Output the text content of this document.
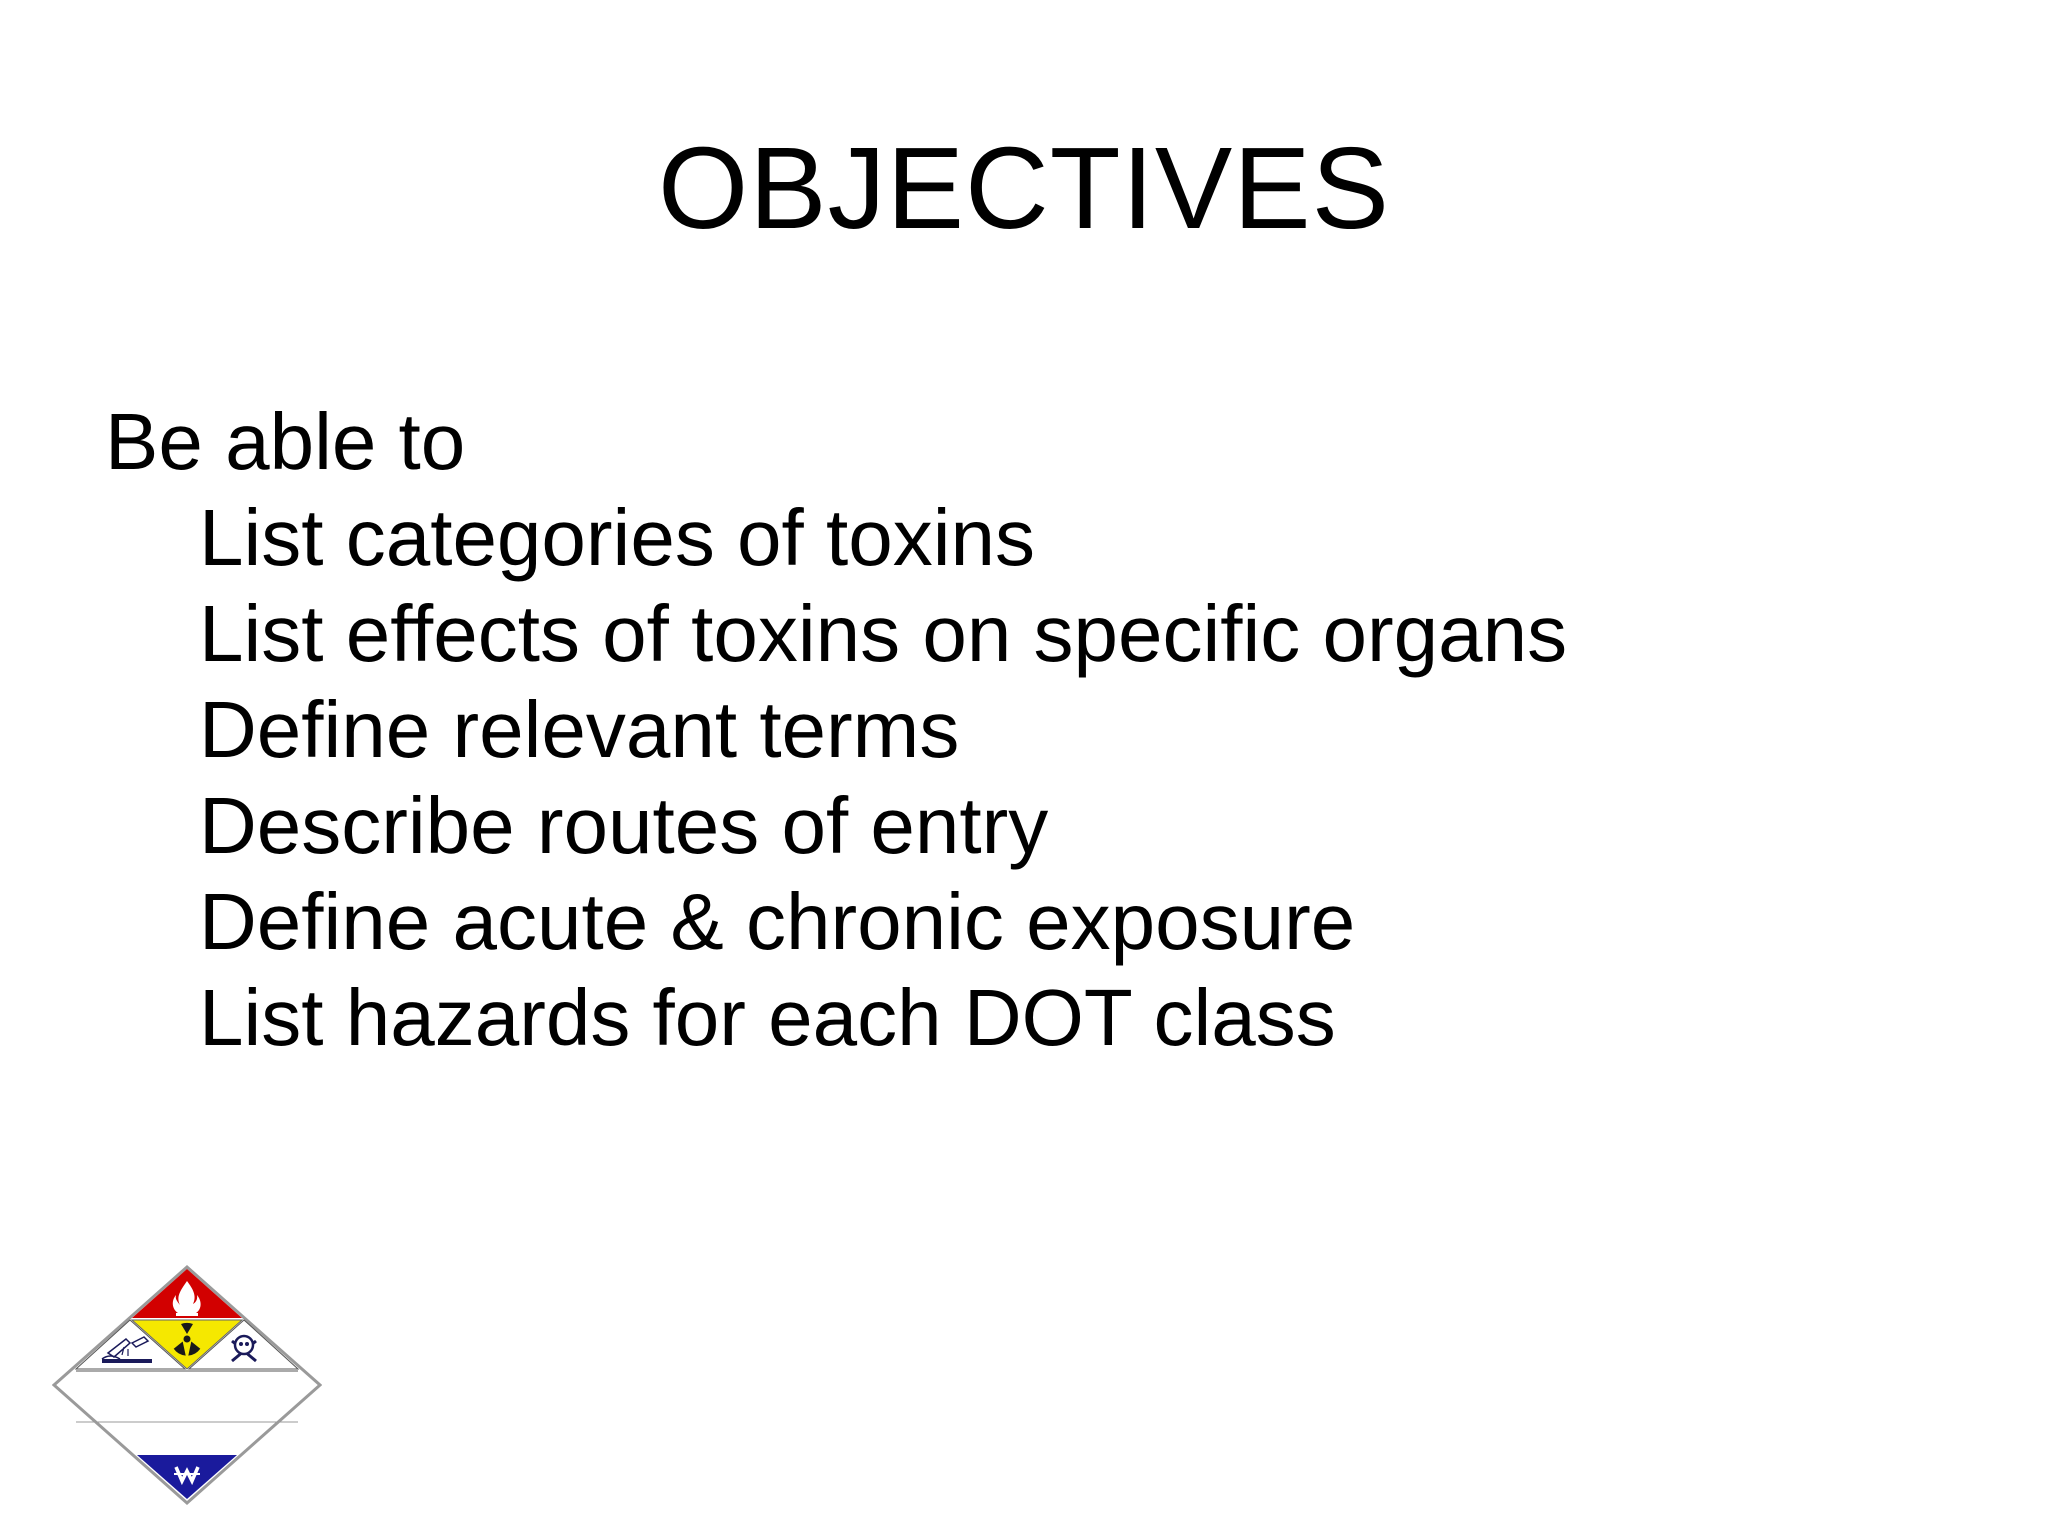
OBJECTIVES
Be able to
List categories of toxins
List effects of toxins on specific organs
Define relevant terms
Describe routes of entry
Define acute & chronic exposure
List hazards for each DOT class
